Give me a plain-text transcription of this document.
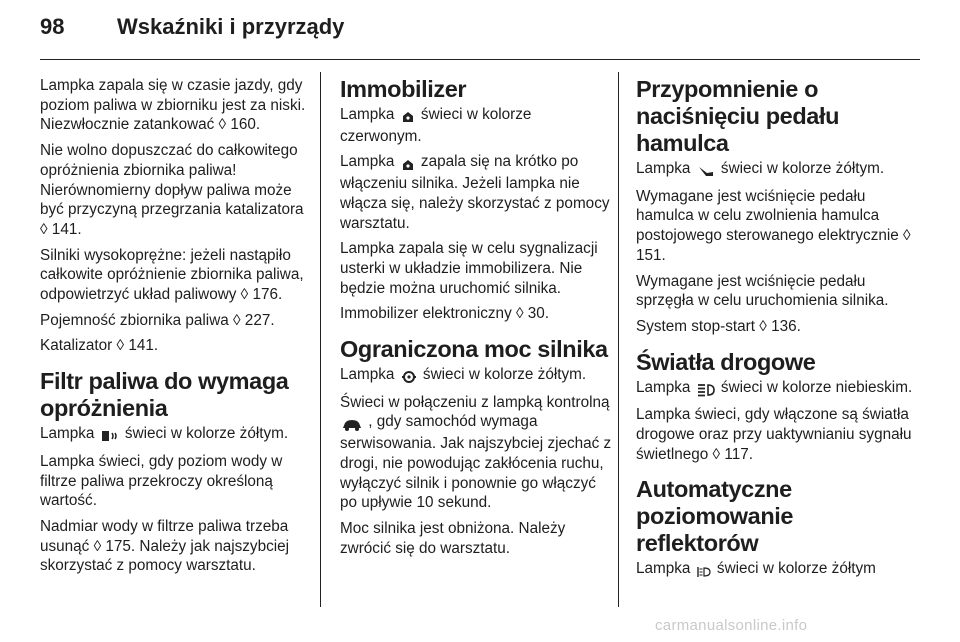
98 Wskaźniki i przyrządy

Lampka zapala się w czasie jazdy, gdy poziom paliwa w zbiorniku jest za niski. Niezwłocznie zatankować ◊ 160.

Nie wolno dopuszczać do całkowitego opróżnienia zbiornika paliwa! Nierównomierny dopływ paliwa może być przyczyną przegrzania katalizatora ◊ 141.

Silniki wysokoprężne: jeżeli nastąpiło całkowite opróżnienie zbiornika paliwa, odpowietrzyć układ paliwowy ◊ 176.

Pojemność zbiornika paliwa ◊ 227.

Katalizator ◊ 141.

Filtr paliwa do wymaga opróżnienia

Lampka świeci w kolorze żółtym.

Lampka świeci, gdy poziom wody w filtrze paliwa przekroczy określoną wartość.

Nadmiar wody w filtrze paliwa trzeba usunąć ◊ 175. Należy jak najszybciej skorzystać z pomocy warsztatu.

Immobilizer

Lampka świeci w kolorze czerwonym.

Lampka zapala się na krótko po włączeniu silnika. Jeżeli lampka nie włącza się, należy skorzystać z pomocy warsztatu.

Lampka zapala się w celu sygnalizacji usterki w układzie immobilizera. Nie będzie można uruchomić silnika.

Immobilizer elektroniczny ◊ 30.

Ograniczona moc silnika

Lampka świeci w kolorze żółtym.

Świeci w połączeniu z lampką kontrolną  , gdy samochód wymaga serwisowania. Jak najszybciej zjechać z drogi, nie powodując zakłócenia ruchu, wyłączyć silnik i ponownie go włączyć po upływie 10 sekund.

Moc silnika jest obniżona. Należy zwrócić się do warsztatu.

Przypomnienie o naciśnięciu pedału hamulca

Lampka świeci w kolorze żółtym.

Wymagane jest wciśnięcie pedału hamulca w celu zwolnienia hamulca postojowego sterowanego elektrycznie ◊ 151.

Wymagane jest wciśnięcie pedału sprzęgła w celu uruchomienia silnika.

System stop-start ◊ 136.

Światła drogowe

Lampka świeci w kolorze niebieskim.

Lampka świeci, gdy włączone są światła drogowe oraz przy uaktywnianiu sygnału świetlnego ◊ 117.

Automatyczne poziomowanie reflektorów

Lampka świeci w kolorze żółtym

carmanualsonline.info
